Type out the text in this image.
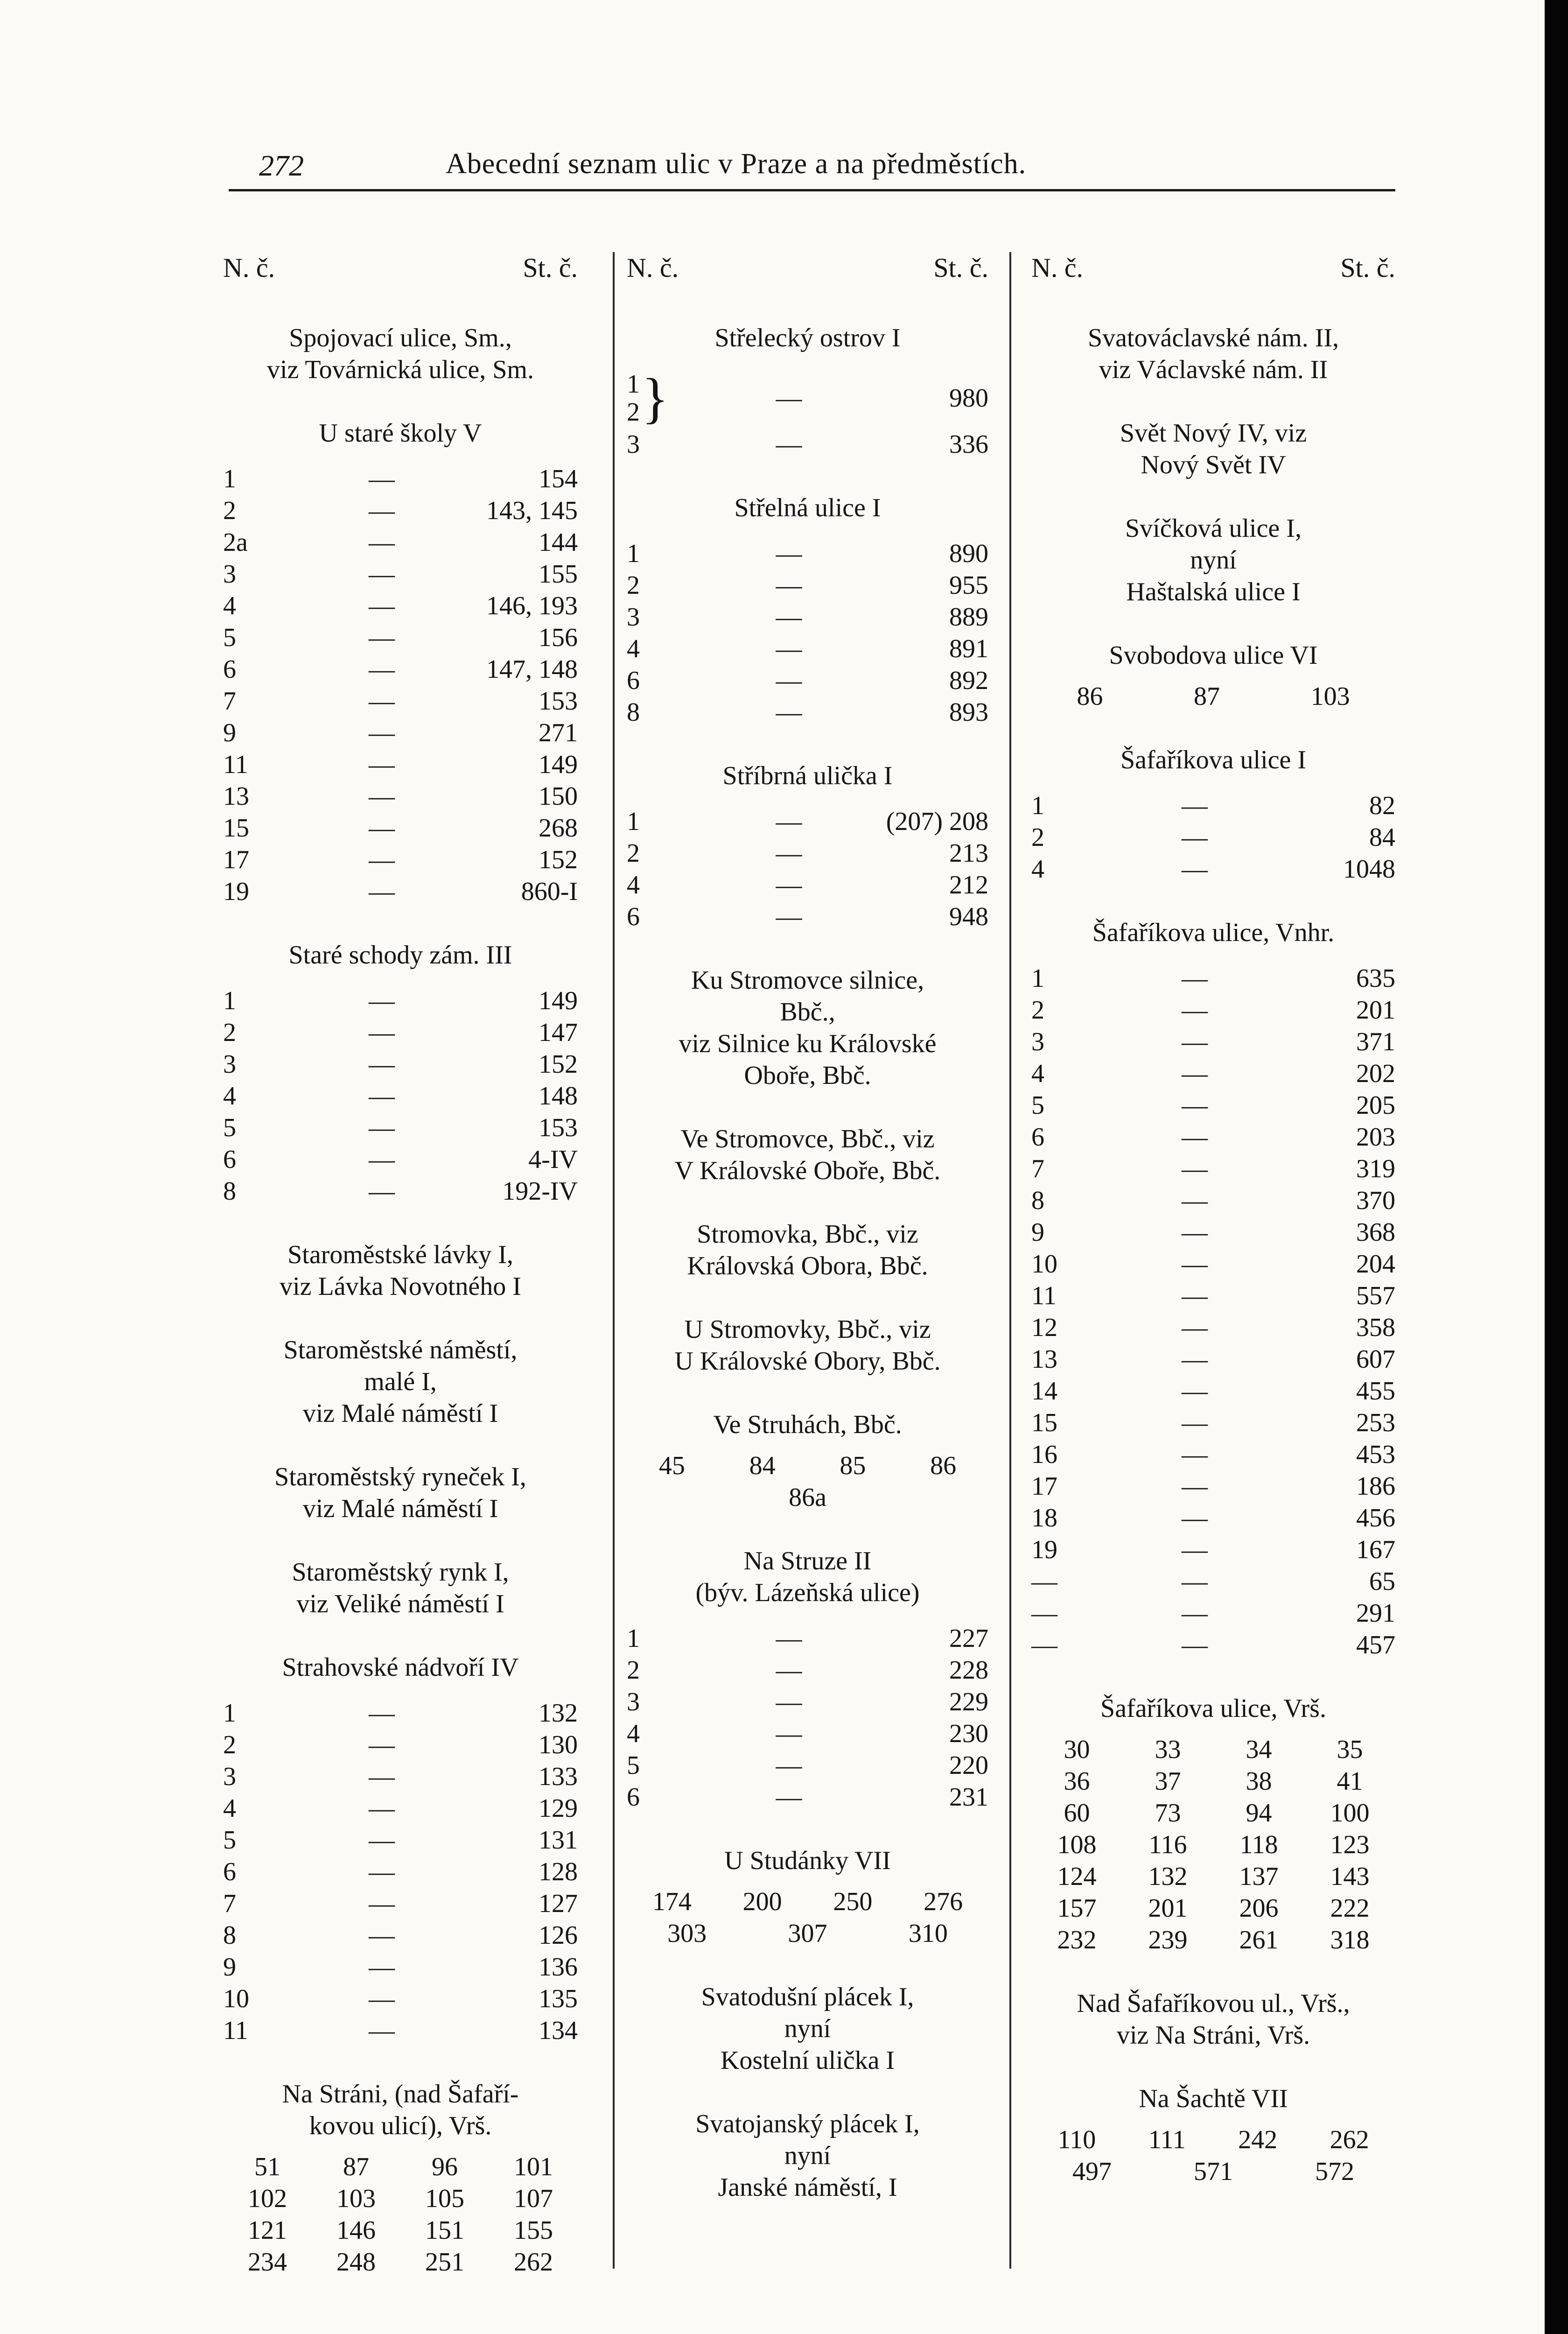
272	Abecední seznam ulic v Praze a na předměstích.
N. č.	St. č.
Spojovací ulice, Sm.,
viz Továrnická ulice, Sm.
U staré školy V
1	—	154
2	—	143, 145
2a	—	144
3	—	155
4	—	146, 193
5	—	156
6	—	147, 148
7	—	153
9	—	271
11	—	149
13	—	150
15	—	268
17	—	152
19	—	860-I
Staré schody zám. III
1	—	149
2	—	147
3	—	152
4	—	148
5	—	153
6	—	4-IV
8	—	192-IV
Staroměstské lávky I,
viz Lávka Novotného I
Staroměstské náměstí,
malé I,
viz Malé náměstí I
Staroměstský ryneček I,
viz Malé náměstí I
Staroměstský rynk I,
viz Veliké náměstí I
Strahovské nádvoří IV
1	—	132
2	—	130
3	—	133
4	—	129
5	—	131
6	—	128
7	—	127
8	—	126
9	—	136
10	—	135
11	—	134
Na Stráni, (nad Šafaří-
kovou ulicí), Vrš.
51	87	96	101
102	103	105	107
121	146	151	155
234	248	251	262
N. č.	St. č.
Střelecký ostrov I
1
2 }	—	980
3	—	336
Střelná ulice I
1	—	890
2	—	955
3	—	889
4	—	891
6	—	892
8	—	893
Stříbrná ulička I
1	—	(207) 208
2	—	213
4	—	212
6	—	948
Ku Stromovce silnice,
Bbč.,
viz Silnice ku Královské
Oboře, Bbč.
Ve Stromovce, Bbč., viz
V Královské Oboře, Bbč.
Stromovka, Bbč., viz
Královská Obora, Bbč.
U Stromovky, Bbč., viz
U Královské Obory, Bbč.
Ve Struhách, Bbč.
45 84 85 86
86a
Na Struze II
(býv. Lázeňská ulice)
1	—	227
2	—	228
3	—	229
4	—	230
5	—	220
6	—	231
U Studánky VII
174 200 250 276
303	307	310
Svatodušní plácek I,
nyní
Kostelní ulička I
Svatojanský plácek I,
nyní
Janské náměstí, I
N. č.	St. č.
Svatováclavské nám. II,
viz Václavské nám. II
Svět Nový IV, viz
Nový Svět IV
Svíčková ulice I,
nyní
Haštalská ulice I
Svobodova ulice VI
86	87	103
Šafaříkova ulice I
1	—	82
2	—	84
4	—	1048
Šafaříkova ulice, Vnhr.
1	—	635
2	—	201
3	—	371
4	—	202
5	—	205
6	—	203
7	—	319
8	—	370
9	—	368
10	—	204
11	—	557
12	—	358
13	—	607
14	—	455
15	—	253
16	—	453
17	—	186
18	—	456
19	—	167
—	—	65
—	—	291
—	—	457
Šafaříkova ulice, Vrš.
30	33	34	35
36	37	38	41
60	73	94	100
108	116	118	123
124	132	137	143
157	201	206	222
232	239	261	318
Nad Šafaříkovou ul., Vrš.,
viz Na Stráni, Vrš.
Na Šachtě VII
110 111 242 262
497	571	572
